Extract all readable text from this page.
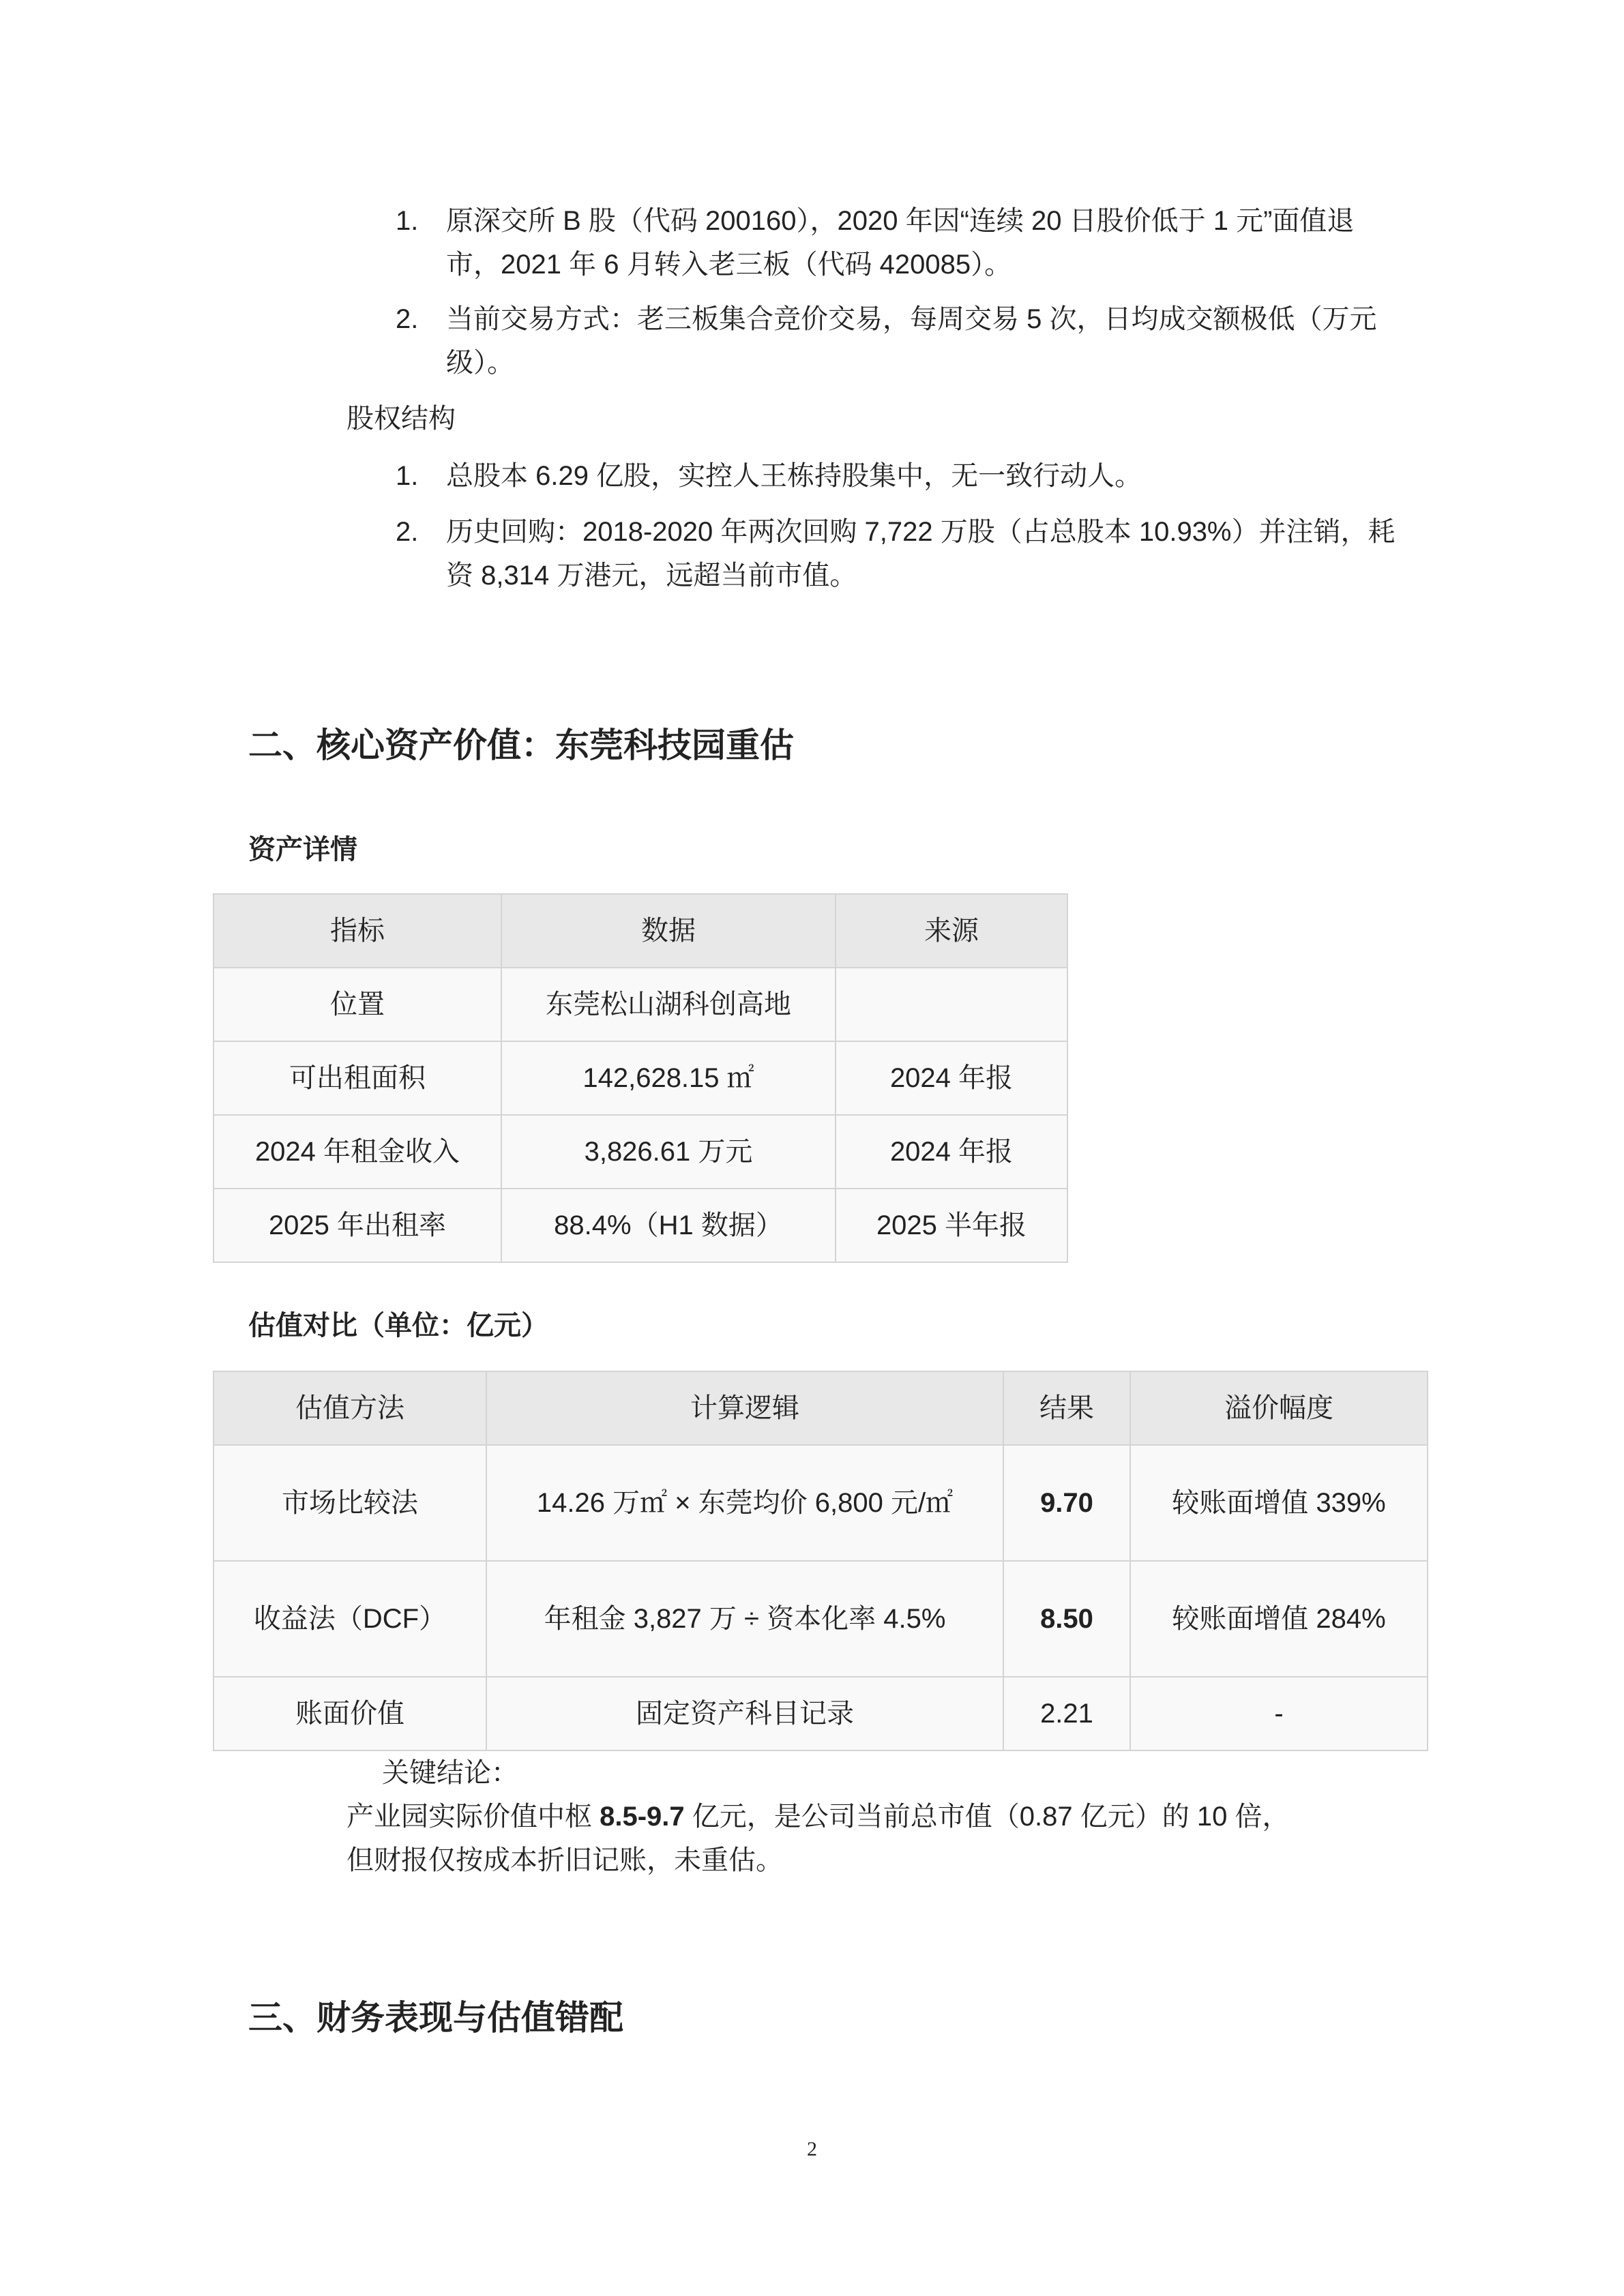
1.	原深交所 B 股（代码 200160），2020 年因“连续 20 日股价低于 1 元”面值退市，2021 年 6 月转入老三板（代码 420085）。
2.	当前交易方式：老三板集合竞价交易，每周交易 5 次，日均成交额极低（万元级）。
股权结构
1.	总股本 6.29 亿股，实控人王栋持股集中，无一致行动人。
2.	历史回购：2018-2020 年两次回购 7,722 万股（占总股本 10.93%）并注销，耗资 8,314 万港元，远超当前市值。
二、核心资产价值：东莞科技园重估
资产详情
指标	数据	来源
位置	东莞松山湖科创高地	
可出租面积	142,628.15 ㎡	2024 年报
2024 年租金收入	3,826.61 万元	2024 年报
2025 年出租率	88.4%（H1 数据）	2025 半年报
估值对比（单位：亿元）
估值方法	计算逻辑	结果	溢价幅度
市场比较法	14.26 万㎡ × 东莞均价 6,800 元/㎡	9.70	较账面增值 339%
收益法（DCF）	年租金 3,827 万 ÷ 资本化率 4.5%	8.50	较账面增值 284%
账面价值	固定资产科目记录	2.21	-
关键结论：
产业园实际价值中枢 8.5-9.7 亿元，是公司当前总市值（0.87 亿元）的 10 倍，但财报仅按成本折旧记账，未重估。
三、财务表现与估值错配
2
